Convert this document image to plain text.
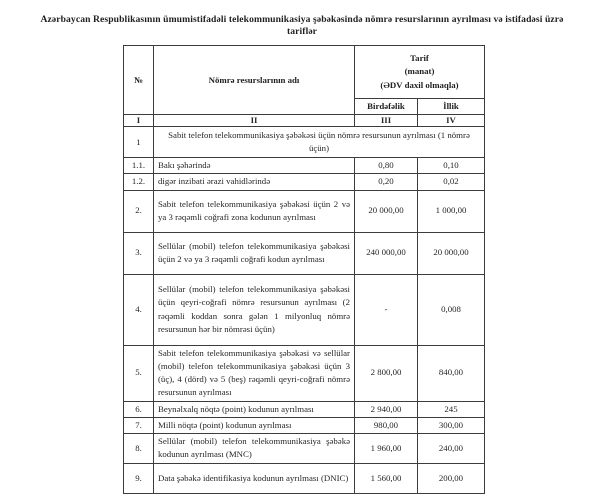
Azərbaycan Respublikasının ümumistifadəli telekommunikasiya şəbəkəsində nömrə resurslarının ayrılması və istifadəsi üzrə tariflər
№	Nömrə resurslarının adı	Tarif
(manat)
(ƏDV daxil olmaqla)	

		Birdəfəlik	İllik
I	II	III	IV
1	Sabit telefon telekommunikasiya şəbəkəsi üçün nömrə resursunun ayrılması (1 nömrə üçün)		
1.1.	Bakı şəhərində	0,80	0,10
1.2.	digər inzibati ərazi vahidlərində	0,20	0,02
2.	Sabit telefon telekommunikasiya şəbəkəsi üçün 2 və ya 3 rəqəmli coğrafi zona kodunun ayrılması	20 000,00	1 000,00
3.	Sellülar (mobil) telefon telekommunikasiya şəbəkəsi üçün 2 və ya 3 rəqəmli coğrafi kodun ayrılması	240 000,00	20 000,00
4.	Sellülar (mobil) telefon telekommunikasiya şəbəkəsi üçün qeyri-coğrafi nömrə resursunun ayrılması (2 rəqəmli koddan sonra gələn 1 milyonluq nömrə resursunun hər bir nömrəsi üçün)	-	0,008
5.	Sabit telefon telekommunikasiya şəbəkəsi və sellülar (mobil) telefon telekommunikasiya şəbəkəsi üçün 3 (üç), 4 (dörd) və 5 (beş) rəqəmli qeyri-coğrafi nömrə resursunun ayrılması	2 800,00	840,00
6.	Beynəlxalq nöqtə (point) kodunun ayrılması	2 940,00	245
7.	Milli nöqtə (point) kodunun ayrılması	980,00	300,00
8.	Sellülar (mobil) telefon telekommunikasiya şəbəkə kodunun ayrılması (MNC)	1 960,00	240,00
9.	Data şəbəkə identifikasiya kodunun ayrılması (DNIC)	1 560,00	200,00
